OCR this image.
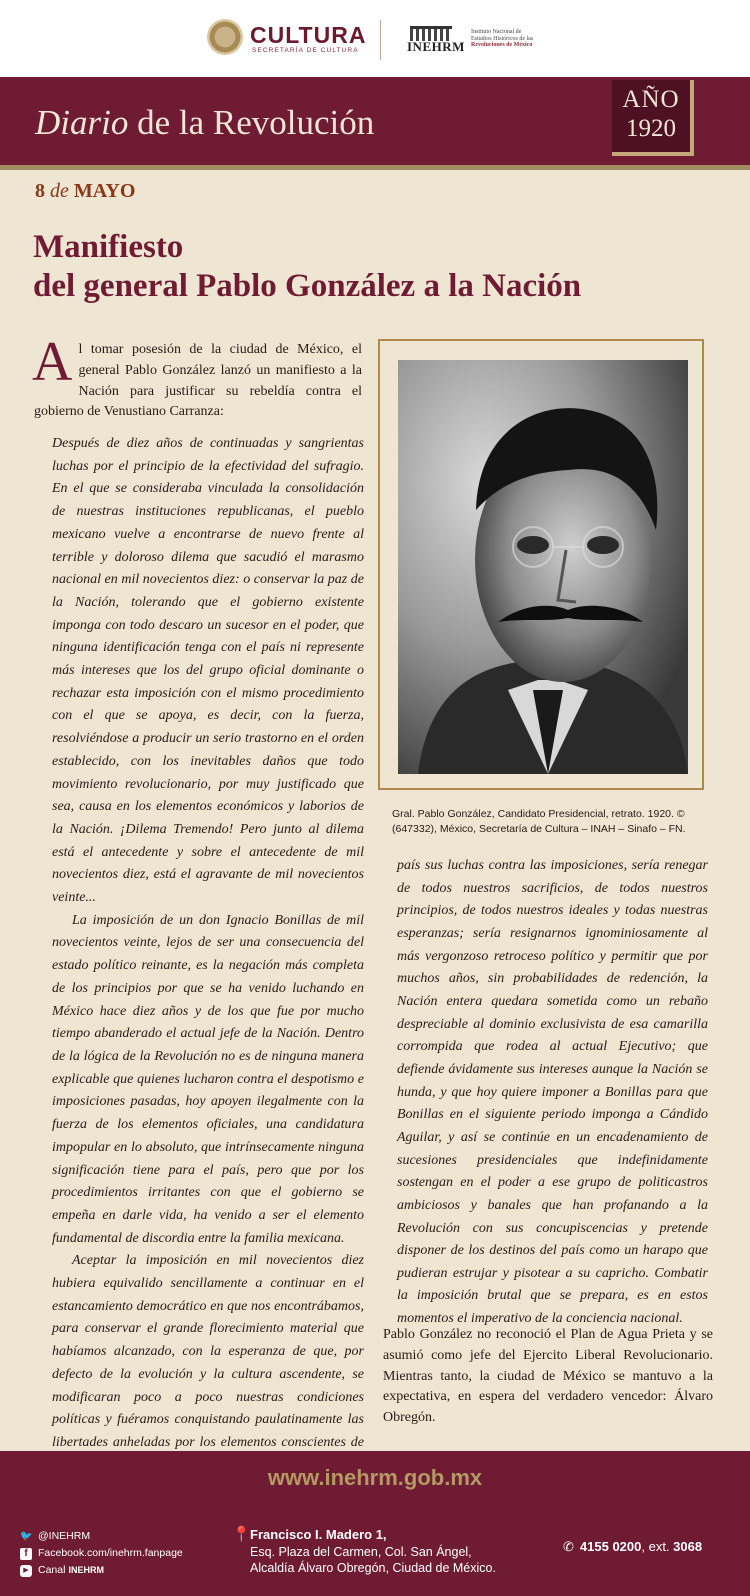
CULTURA
SECRETARÍA DE CULTURA	INEHRM
Instituto Nacional de
Estudios Históricos de las
Revoluciones de México
Diario de la Revolución
AÑO
1920
8 de MAYO
Manifiesto
del general Pablo González a la Nación
Al tomar posesión de la ciudad de México, el general Pablo González lanzó un manifiesto a la Nación para justificar su rebeldía contra el gobierno de Venustiano Carranza:

Después de diez años de continuadas y sangrientas luchas por el principio de la efectividad del sufragio. En el que se consideraba vinculada la consolidación de nuestras instituciones republicanas, el pueblo mexicano vuelve a encontrarse de nuevo frente al terrible y doloroso dilema que sacudió el marasmo nacional en mil novecientos diez: o conservar la paz de la Nación, tolerando que el gobierno existente imponga con todo descaro un sucesor en el poder, que ninguna identificación tenga con el país ni represente más intereses que los del grupo oficial dominante o rechazar esta imposición con el mismo procedimiento con el que se apoya, es decir, con la fuerza, resolviéndose a producir un serio trastorno en el orden establecido, con los inevitables daños que todo movimiento revolucionario, por muy justificado que sea, causa en los elementos económicos y laborios de la Nación. ¡Dilema Tremendo! Pero junto al dilema está el antecedente y sobre el antecedente de mil novecientos diez, está el agravante de mil novecientos veinte...

La imposición de un don Ignacio Bonillas de mil novecientos veinte, lejos de ser una consecuencia del estado político reinante, es la negación más completa de los principios por que se ha venido luchando en México hace diez años y de los que fue por mucho tiempo abanderado el actual jefe de la Nación. Dentro de la lógica de la Revolución no es de ninguna manera explicable que quienes lucharon contra el despotismo e imposiciones pasadas, hoy apoyen ilegalmente con la fuerza de los elementos oficiales, una candidatura impopular en lo absoluto, que intrínsecamente ninguna significación tiene para el país, pero que por los procedimientos irritantes con que el gobierno se empeña en darle vida, ha venido a ser el elemento fundamental de discordia entre la familia mexicana.

Aceptar la imposición en mil novecientos diez hubiera equivalido sencillamente a continuar en el estancamiento democrático en que nos encontrábamos, para conservar el grande florecimiento material que habíamos alcanzado, con la esperanza de que, por defecto de la evolución y la cultura ascendente, se modificaran poco a poco nuestras condiciones políticas y fuéramos conquistando paulatinamente las libertades anheladas por los elementos conscientes de

Gral. Pablo González, Candidato Presidencial, retrato. 1920. © (647332), México, Secretaría de Cultura – INAH – Sinafo – FN.

país sus luchas contra las imposiciones, sería renegar de todos nuestros sacrificios, de todos nuestros principios, de todos nuestros ideales y todas nuestras esperanzas; sería resignarnos ignominiosamente al más vergonzoso retroceso político y permitir que por muchos años, sin probabilidades de redención, la Nación entera quedara sometida como un rebaño despreciable al dominio exclusivista de esa camarilla corrompida que rodea al actual Ejecutivo; que defiende ávidamente sus intereses aunque la Nación se hunda, y que hoy quiere imponer a Bonillas para que Bonillas en el siguiente periodo imponga a Cándido Aguilar, y así se continúe en un encadenamiento de sucesiones presidenciales que indefinidamente sostengan en el poder a ese grupo de politicastros ambiciosos y banales que han profanando a la Revolución con sus concupiscencias y pretende disponer de los destinos del país como un harapo que pudieran estrujar y pisotear a su capricho. Combatir la imposición brutal que se prepara, es en estos momentos el imperativo de la conciencia nacional.

Pablo González no reconoció el Plan de Agua Prieta y se asumió como jefe del Ejercito Liberal Revolucionario. Mientras tanto, la ciudad de México se mantuvo a la expectativa, en espera del verdadero vencedor: Álvaro Obregón.

www.inehrm.gob.mx
🐦 @INEHRM
f Facebook.com/inehrm.fanpage
▶ Canal INEHRM
📍 Francisco I. Madero 1,
Esq. Plaza del Carmen, Col. San Ángel,
Alcaldía Álvaro Obregón, Ciudad de México.
✆ 4155 0200, ext. 3068
